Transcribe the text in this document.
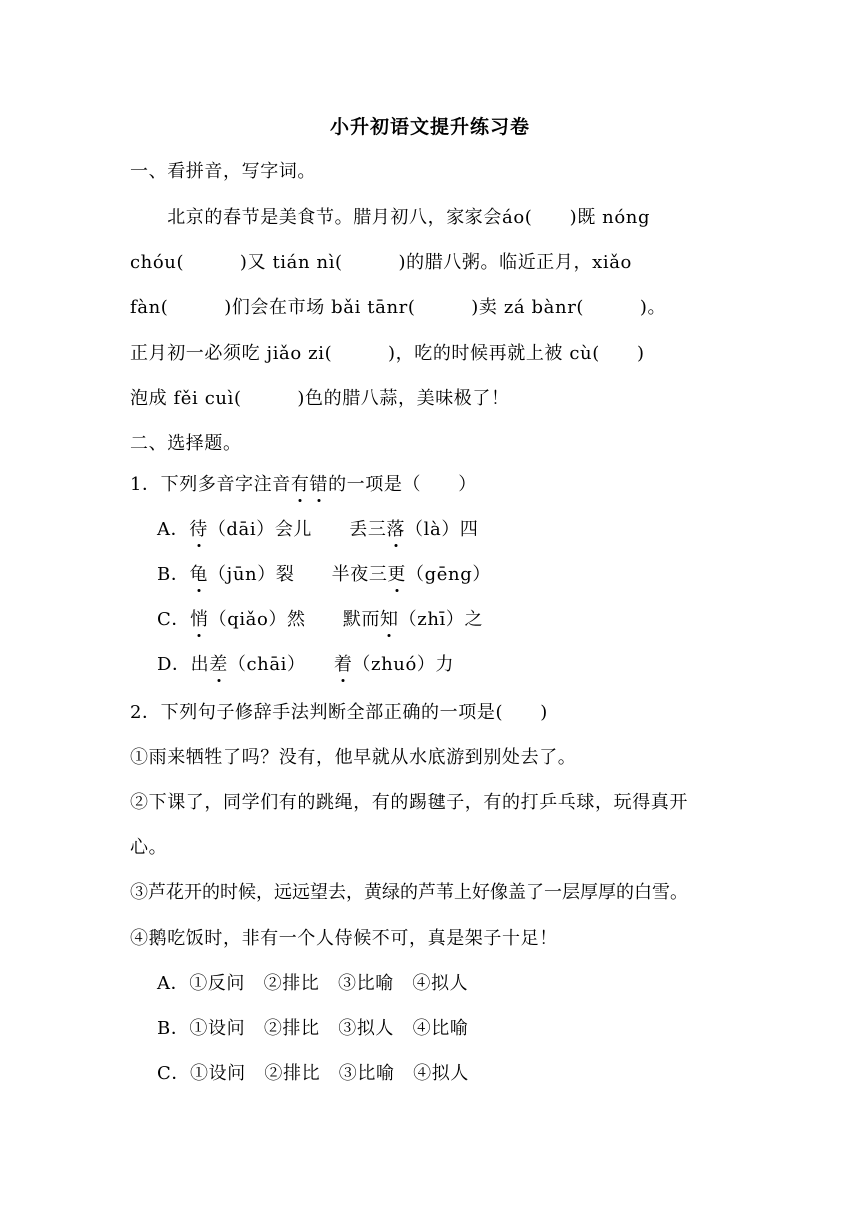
小升初语文提升练习卷
一、看拼音，写字词。
　　北京的春节是美食节。腊月初八，家家会áo(　　)既 nóng
chóu(　　　)又 tián nì(　　　)的腊八粥。临近正月，xiǎo
fàn(　　　)们会在市场 bǎi tānr(　　　)卖 zá bànr(　　　)。
正月初一必须吃 jiǎo zi(　　　)，吃的时候再就上被 cù(　　)
泡成 fěi cuì(　　　)色的腊八蒜，美味极了！
二、选择题。
1．下列多音字注音有错的一项是（　　）
A．待（dāi）会儿　　丢三落（là）四
B．龟（jūn）裂　　半夜三更（gēng）
C．悄（qiǎo）然　　默而知（zhī）之
D．出差（chāi）　　着（zhuó）力
2．下列句子修辞手法判断全部正确的一项是(　　)
①雨来牺牲了吗？没有，他早就从水底游到别处去了。
②下课了，同学们有的跳绳，有的踢毽子，有的打乒乓球，玩得真开
心。
③芦花开的时候，远远望去，黄绿的芦苇上好像盖了一层厚厚的白雪。
④鹅吃饭时，非有一个人侍候不可，真是架子十足！
A．①反问　②排比　③比喻　④拟人
B．①设问　②排比　③拟人　④比喻
C．①设问　②排比　③比喻　④拟人
